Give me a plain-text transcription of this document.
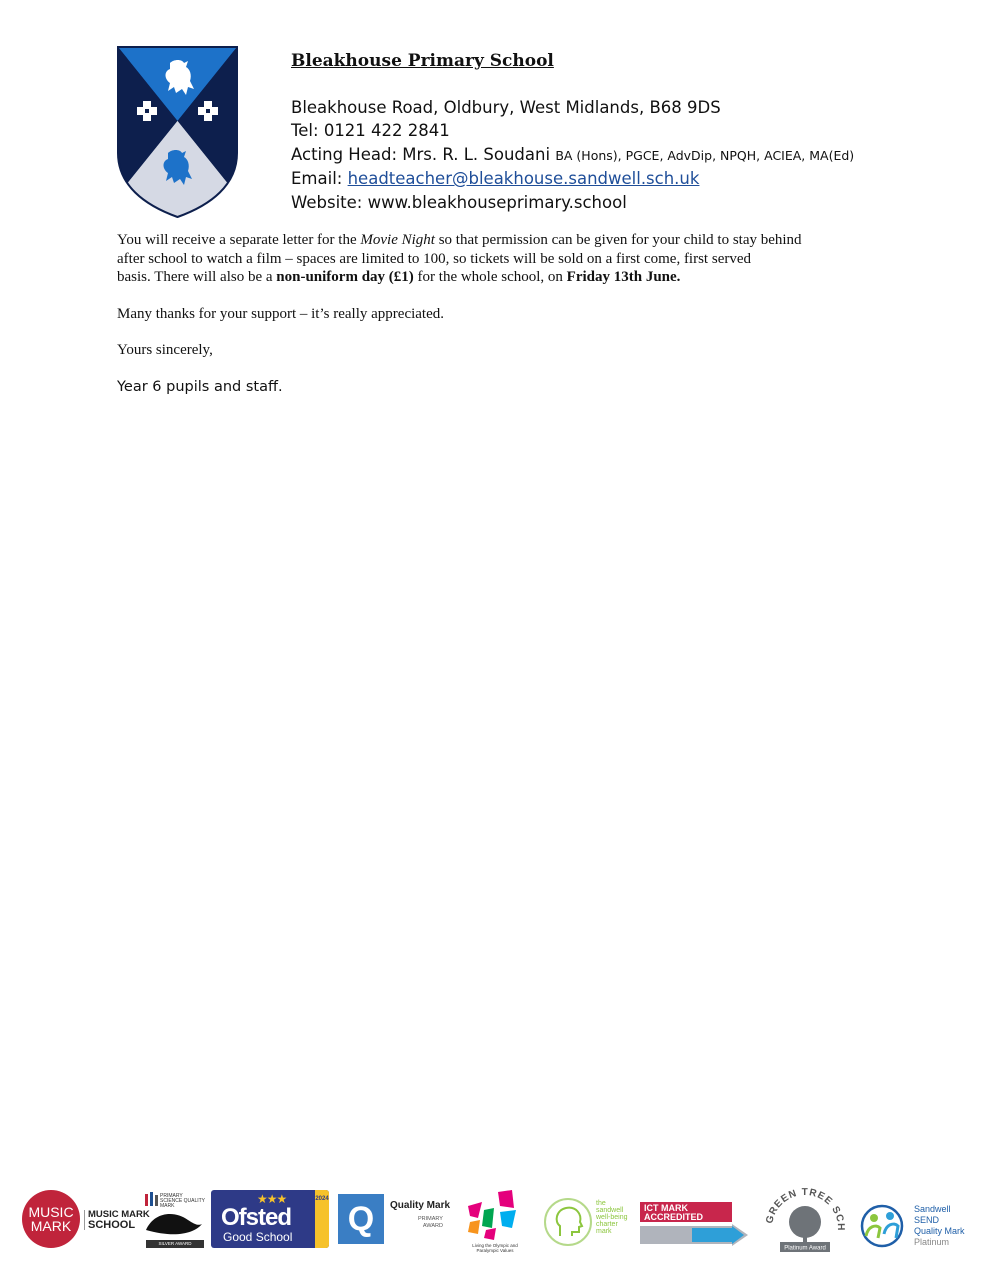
Bleakhouse Primary School
Bleakhouse Road, Oldbury, West Midlands, B68 9DS
Tel: 0121 422 2841
Acting Head: Mrs. R. L. Soudani BA (Hons), PGCE, AdvDip, NPQH, ACIEA, MA(Ed)
Email: headteacher@bleakhouse.sandwell.sch.uk
Website: www.bleakhouseprimary.school

You will receive a separate letter for the Movie Night so that permission can be given for your child to stay behind
after school to watch a film – spaces are limited to 100, so tickets will be sold on a first come, first served
basis. There will also be a non-uniform day (£1) for the whole school, on Friday 13th June.

Many thanks for your support – it’s really appreciated.

Yours sincerely,

Year 6 pupils and staff.

MUSIC
MARK
MUSIC MARK
SCHOOL
PRIMARY SCIENCE QUALITY MARK
SILVER AWARD
★★★
Ofsted
Good School
2024
Q	Quality Mark
PRIMARY
AWARD
Living the Olympic and Paralympic Values
the
sandwell
well-being
charter
mark
ICT MARK
ACCREDITED	GREEN TREE SCH
Platinum Award
Sandwell
SEND
Quality Mark
Platinum
